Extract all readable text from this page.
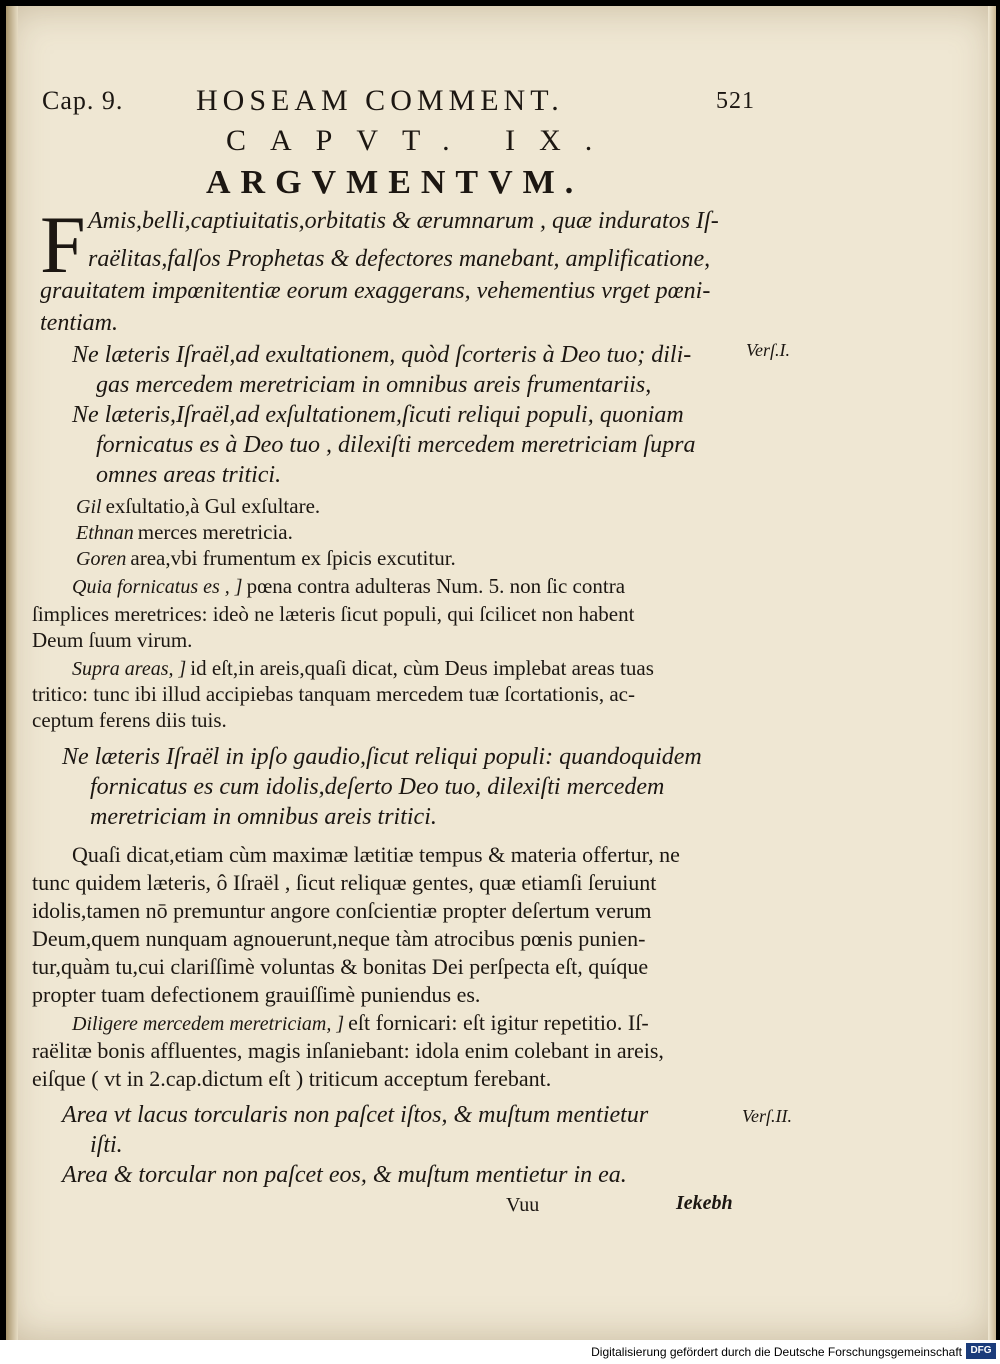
Cap. 9. HOSEAM COMMENT.	521
CAPVT. IX.
ARGVMENTVM.
F Amis,belli,captiuitatis,orbitatis & ærumnarum , quæ induratos Iſ-
raëlitas,falſos Prophetas & defectores manebant, amplificatione,
grauitatem impœnitentiæ eorum exaggerans, vehementius vrget pœni-
tentiam.
Verſ.I.
Ne læteris Iſraël,ad exultationem, quòd ſcorteris à Deo tuo; dili-
gas mercedem meretriciam in omnibus areis frumentariis,
Ne læteris,Iſraël,ad exſultationem,ſicuti reliqui populi, quoniam
fornicatus es à Deo tuo , dilexiſti mercedem meretriciam ſupra
omnes areas tritici.
Gil exſultatio,à Gul exſultare.
Ethnan merces meretricia.
Goren area,vbi frumentum ex ſpicis excutitur.
Quia fornicatus es , ] pœna contra adulteras Num. 5. non ſic contra
ſimplices meretrices: ideò ne læteris ſicut populi, qui ſcilicet non habent
Deum ſuum virum.
Supra areas, ] id eſt,in areis,quaſi dicat, cùm Deus implebat areas tuas
tritico: tunc ibi illud accipiebas tanquam mercedem tuæ ſcortationis, ac-
ceptum ferens diis tuis.
Ne læteris Iſraël in ipſo gaudio,ſicut reliqui populi: quandoquidem
fornicatus es cum idolis,deſerto Deo tuo, dilexiſti mercedem
meretriciam in omnibus areis tritici.
Quaſi dicat,etiam cùm maximæ lætitiæ tempus & materia offertur, ne
tunc quidem læteris, ô Iſraël , ſicut reliquæ gentes, quæ etiamſi ſeruiunt
idolis,tamen nō premuntur angore conſcientiæ propter deſertum verum
Deum,quem nunquam agnouerunt,neque tàm atrocibus pœnis punien-
tur,quàm tu,cui clariſſimè voluntas & bonitas Dei perſpecta eſt, quíque
propter tuam defectionem grauiſſimè puniendus es.
Diligere mercedem meretriciam, ] eſt fornicari: eſt igitur repetitio. Iſ-
raëlitæ bonis affluentes, magis inſaniebant: idola enim colebant in areis,
eiſque ( vt in 2.cap.dictum eſt ) triticum acceptum ferebant.
Verſ.II.
Area vt lacus torcularis non paſcet iſtos, & muſtum mentietur
iſti.
Area & torcular non paſcet eos, & muſtum mentietur in ea.
Vuu	Iekebh
Digitalisierung gefördert durch die Deutsche Forschungsgemeinschaft DFG
